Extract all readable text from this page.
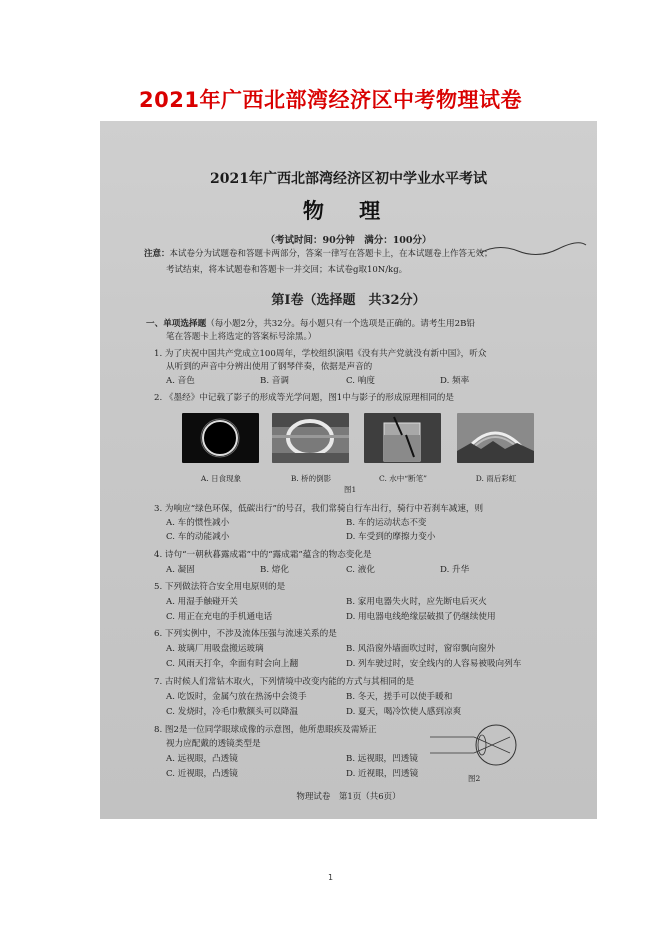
2021年广西北部湾经济区中考物理试卷
2021年广西北部湾经济区初中学业水平考试
物 理
（考试时间：90分钟　满分：100分）
注意：本试卷分为试题卷和答题卡两部分，答案一律写在答题卡上，在本试题卷上作答无效；
考试结束，将本试题卷和答题卡一并交回；本试卷g取10N/kg。
第Ⅰ卷（选择题　共32分）
一、单项选择题（每小题2分，共32分。每小题只有一个选项是正确的。请考生用2B铅
笔在答题卡上将选定的答案标号涂黑。）
1. 为了庆祝中国共产党成立100周年，学校组织演唱《没有共产党就没有新中国》，听众
从听到的声音中分辨出使用了钢琴伴奏，依据是声音的
A. 音色	B. 音调	C. 响度	D. 频率
2. 《墨经》中记载了影子的形成等光学问题，图1中与影子的形成原理相同的是
A. 日食现象	B. 桥的倒影	C. 水中“断笔”	D. 雨后彩虹
图1
3. 为响应“绿色环保，低碳出行”的号召，我们常骑自行车出行，骑行中若刹车减速，则
A. 车的惯性减小	B. 车的运动状态不变
C. 车的动能减小	D. 车受到的摩擦力变小
4. 诗句“一朝秋暮露成霜”中的“露成霜”蕴含的物态变化是
A. 凝固	B. 熔化	C. 液化	D. 升华
5. 下列做法符合安全用电原则的是
A. 用湿手触碰开关	B. 家用电器失火时，应先断电后灭火
C. 用正在充电的手机通电话	D. 用电器电线绝缘层破损了仍继续使用
6. 下列实例中，不涉及流体压强与流速关系的是
A. 玻璃厂用吸盘搬运玻璃	B. 风沿窗外墙面吹过时，窗帘飘向窗外
C. 风雨天打伞，伞面有时会向上翻	D. 列车驶过时，安全线内的人容易被吸向列车
7. 古时候人们常钻木取火，下列情境中改变内能的方式与其相同的是
A. 吃饭时，金属勺放在热汤中会烫手	B. 冬天，搓手可以使手暖和
C. 发烧时，冷毛巾敷额头可以降温	D. 夏天，喝冷饮使人感到凉爽
8. 图2是一位同学眼球成像的示意图，他所患眼疾及需矫正
视力应配戴的透镜类型是
A. 远视眼，凸透镜	B. 远视眼，凹透镜
C. 近视眼，凸透镜	D. 近视眼，凹透镜	图2
物理试卷　第1页（共6页）
1
